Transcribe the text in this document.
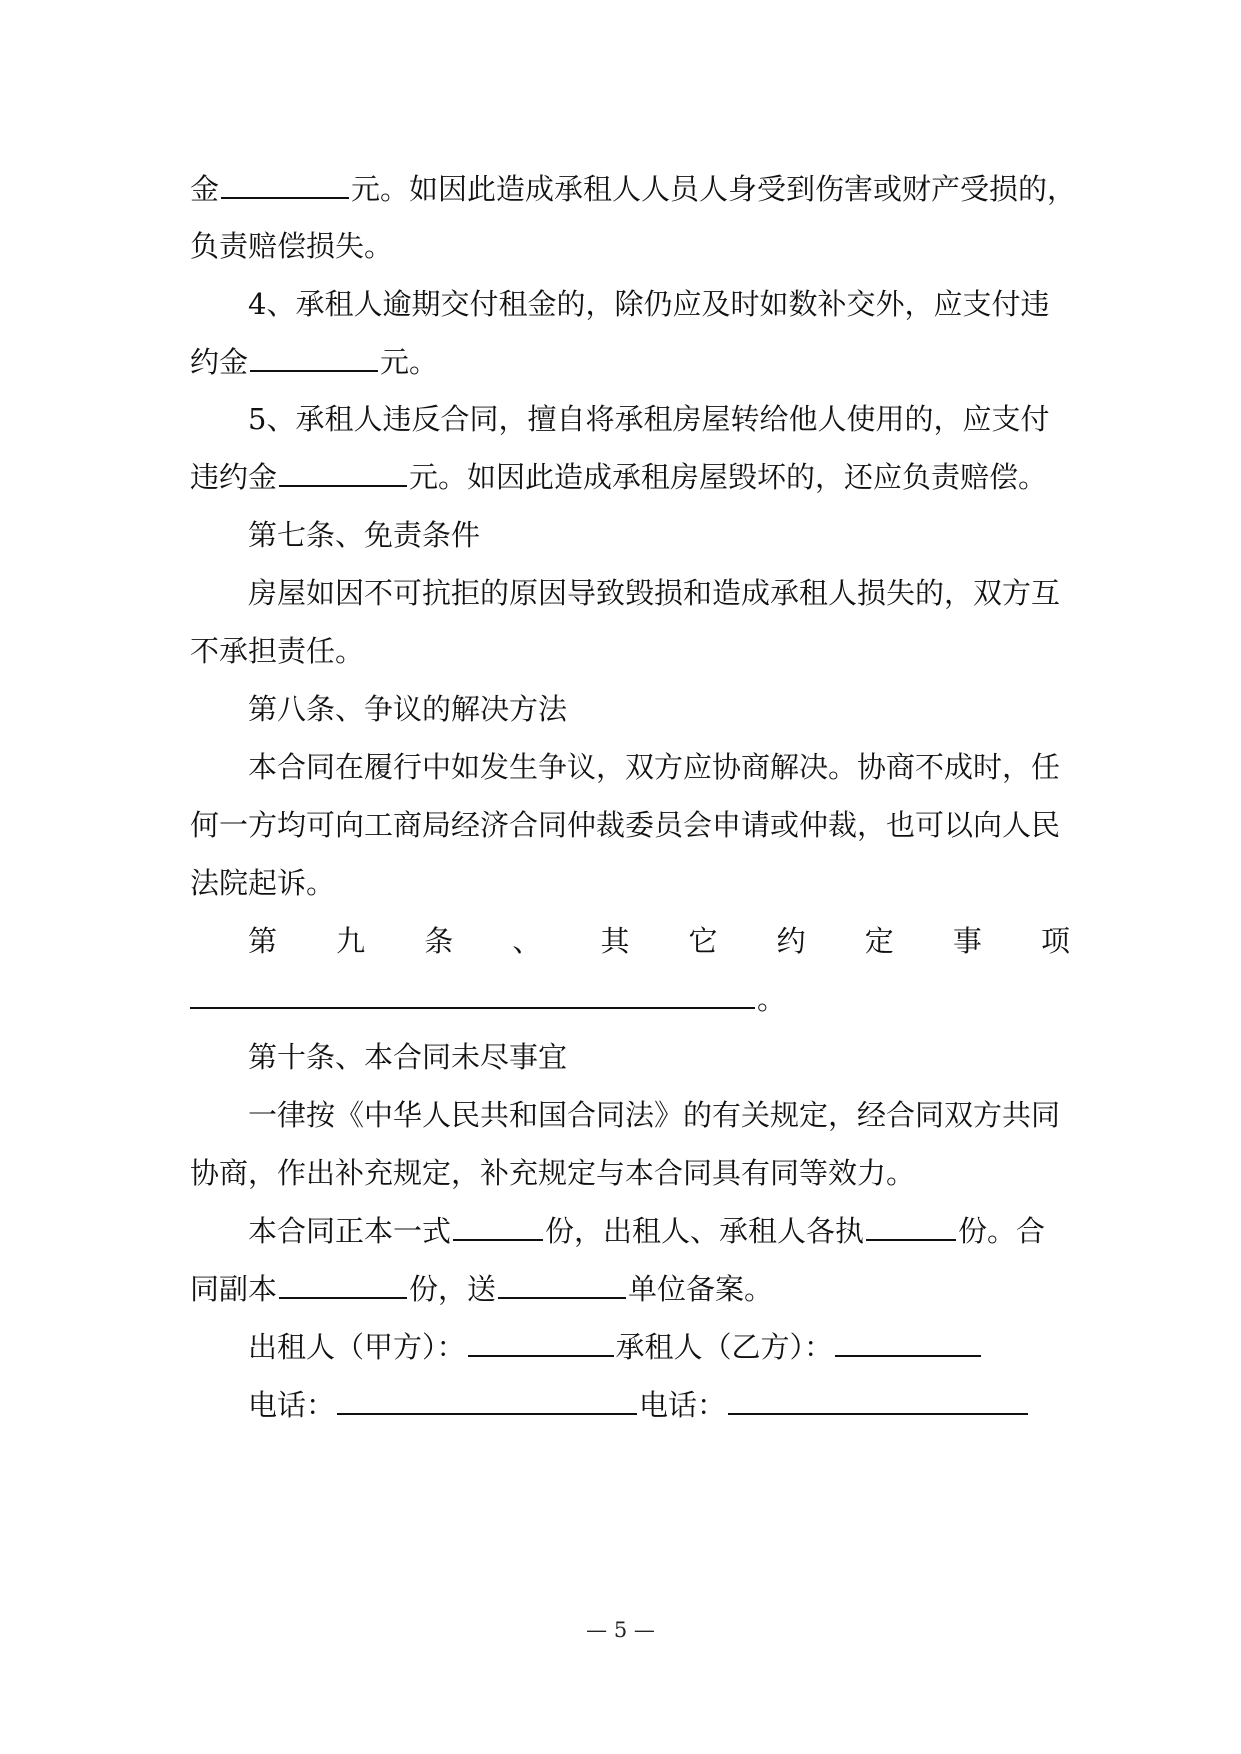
金	元。如因此造成承租人人员人身受到伤害或财产受损的，
负责赔偿损失。
4、承租人逾期交付租金的，除仍应及时如数补交外，应支付违
约金	元。
5、承租人违反合同，擅自将承租房屋转给他人使用的，应支付
违约金	元。如因此造成承租房屋毁坏的，还应负责赔偿。
第七条、免责条件
房屋如因不可抗拒的原因导致毁损和造成承租人损失的，双方互
不承担责任。
第八条、争议的解决方法
本合同在履行中如发生争议，双方应协商解决。协商不成时，任
何一方均可向工商局经济合同仲裁委员会申请或仲裁，也可以向人民
法院起诉。
第 九 条 、 其 它 约 定 事 项
。
第十条、本合同未尽事宜
一律按《中华人民共和国合同法》的有关规定，经合同双方共同
协商，作出补充规定，补充规定与本合同具有同等效力。
本合同正本一式	份，出租人、承租人各执	份。合
同副本	份，送	单位备案。
出租人（甲方）：	承租人（乙方）：
电话：	电话：
— 5 —
